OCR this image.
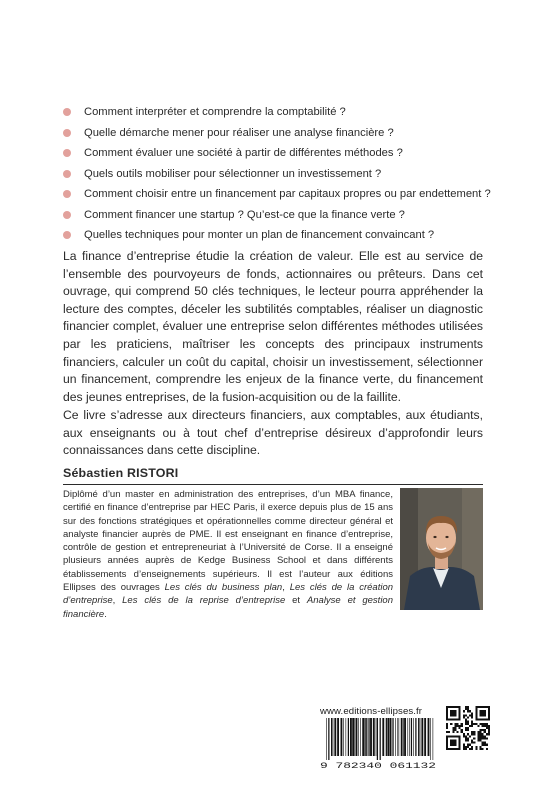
Comment interpréter et comprendre la comptabilité ?
Quelle démarche mener pour réaliser une analyse financière ?
Comment évaluer une société à partir de différentes méthodes ?
Quels outils mobiliser pour sélectionner un investissement ?
Comment choisir entre un financement par capitaux propres ou par endettement ?
Comment financer une startup ? Qu’est-ce que la finance verte ?
Quelles techniques pour monter un plan de financement convaincant ?

La finance d’entreprise étudie la création de valeur. Elle est au service de l’ensemble des pourvoyeurs de fonds, actionnaires ou prêteurs. Dans cet ouvrage, qui comprend 50 clés techniques, le lecteur pourra appréhender la lecture des comptes, déceler les subtilités comptables, réaliser un diagnostic financier complet, évaluer une entreprise selon différentes méthodes utilisées par les praticiens, maîtriser les concepts des principaux instruments financiers, calculer un coût du capital, choisir un investissement, sélectionner un financement, comprendre les enjeux de la finance verte, du financement des jeunes entreprises, de la fusion-acquisition ou de la faillite.

Ce livre s’adresse aux directeurs financiers, aux comptables, aux étudiants, aux enseignants ou à tout chef d’entreprise désireux d’approfondir leurs connaissances dans cette discipline.

Sébastien RISTORI

Diplômé d’un master en administration des entreprises, d’un MBA finance, certifié en finance d’entreprise par HEC Paris, il exerce depuis plus de 15 ans sur des fonctions stratégiques et opérationnelles comme directeur général et analyste financier auprès de PME. Il est enseignant en finance d’entreprise, contrôle de gestion et entrepreneuriat à l’Université de Corse. Il a enseigné plusieurs années auprès de Kedge Business School et dans différents établissements d’enseignements supérieurs. Il est l’auteur aux éditions Ellipses des ouvrages Les clés du business plan, Les clés de la création d’entreprise, Les clés de la reprise d’entreprise et Analyse et gestion financière.

www.editions-ellipses.fr
9 782340 061132
